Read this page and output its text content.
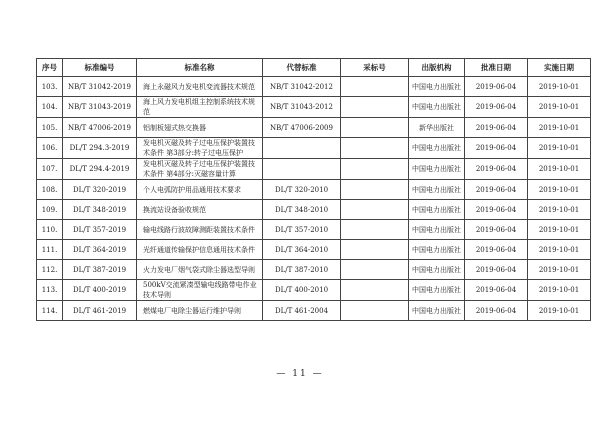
序号	标准编号	标准名称	代替标准	采标号	出版机构	批准日期	实施日期
103.	NB/T 31042-2019	海上永磁风力发电机变流器技术规范	NB/T 31042-2012		中国电力出版社	2019-06-04	2019-10-01
104.	NB/T 31043-2019	海上风力发电机组主控制系统技术规范	NB/T 31043-2012		中国电力出版社	2019-06-04	2019-10-01
105.	NB/T 47006-2019	铝制板翅式热交换器	NB/T 47006-2009		新华出版社	2019-06-04	2019-10-01
106.	DL/T 294.3-2019	发电机灭磁及转子过电压保护装置技术条件 第3部分:转子过电压保护			中国电力出版社	2019-06-04	2019-10-01
107.	DL/T 294.4-2019	发电机灭磁及转子过电压保护装置技术条件 第4部分:灭磁容量计算			中国电力出版社	2019-06-04	2019-10-01
108.	DL/T 320-2019	个人电弧防护用品通用技术要求	DL/T 320-2010		中国电力出版社	2019-06-04	2019-10-01
109.	DL/T 348-2019	换流站设备验收规范	DL/T 348-2010		中国电力出版社	2019-06-04	2019-10-01
110.	DL/T 357-2019	输电线路行波故障测距装置技术条件	DL/T 357-2010		中国电力出版社	2019-06-04	2019-10-01
111.	DL/T 364-2019	光纤通道传输保护信息通用技术条件	DL/T 364-2010		中国电力出版社	2019-06-04	2019-10-01
112.	DL/T 387-2019	火力发电厂烟气袋式除尘器选型导则	DL/T 387-2010		中国电力出版社	2019-06-04	2019-10-01
113.	DL/T 400-2019	500kV交流紧凑型输电线路带电作业技术导则	DL/T 400-2010		中国电力出版社	2019-06-04	2019-10-01
114.	DL/T 461-2019	燃煤电厂电除尘器运行维护导则	DL/T 461-2004		中国电力出版社	2019-06-04	2019-10-01
— 11 —
